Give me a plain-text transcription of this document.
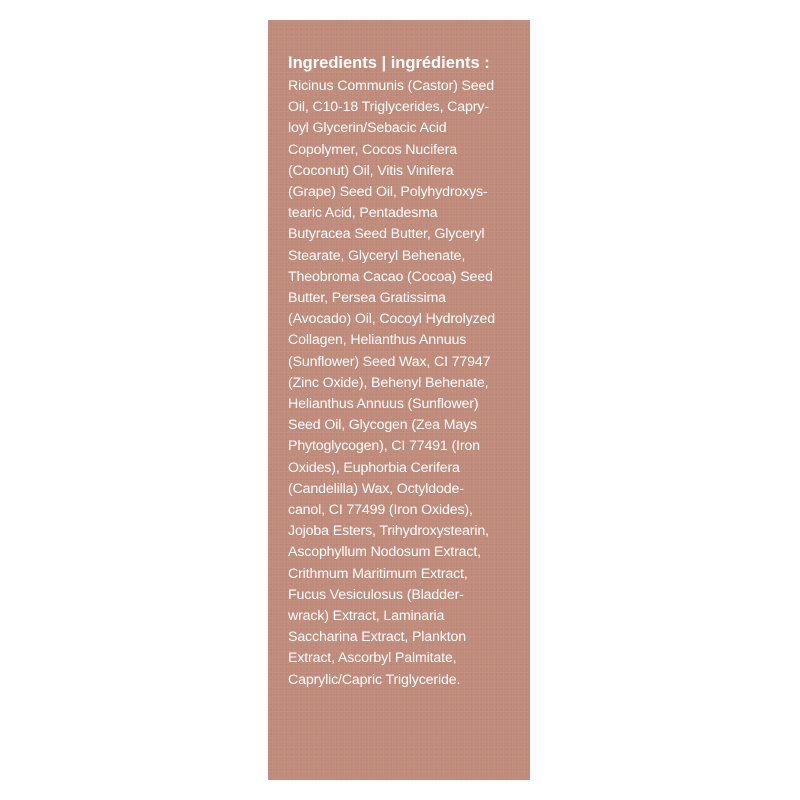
Ingredients | ingrédients :

Ricinus Communis (Castor) Seed
Oil, C10-18 Triglycerides, Capry-
loyl Glycerin/Sebacic Acid
Copolymer, Cocos Nucifera
(Coconut) Oil, Vitis Vinifera
(Grape) Seed Oil, Polyhydroxys-
tearic Acid, Pentadesma
Butyracea Seed Butter, Glyceryl
Stearate, Glyceryl Behenate,
Theobroma Cacao (Cocoa) Seed
Butter, Persea Gratissima
(Avocado) Oil, Cocoyl Hydrolyzed
Collagen, Helianthus Annuus
(Sunflower) Seed Wax, CI 77947
(Zinc Oxide), Behenyl Behenate,
Helianthus Annuus (Sunflower)
Seed Oil, Glycogen (Zea Mays
Phytoglycogen), CI 77491 (Iron
Oxides), Euphorbia Cerifera
(Candelilla) Wax, Octyldode-
canol, CI 77499 (Iron Oxides),
Jojoba Esters, Trihydroxystearin,
Ascophyllum Nodosum Extract,
Crithmum Maritimum Extract,
Fucus Vesiculosus (Bladder-
wrack) Extract, Laminaria
Saccharina Extract, Plankton
Extract, Ascorbyl Palmitate,
Caprylic/Capric Triglyceride.
